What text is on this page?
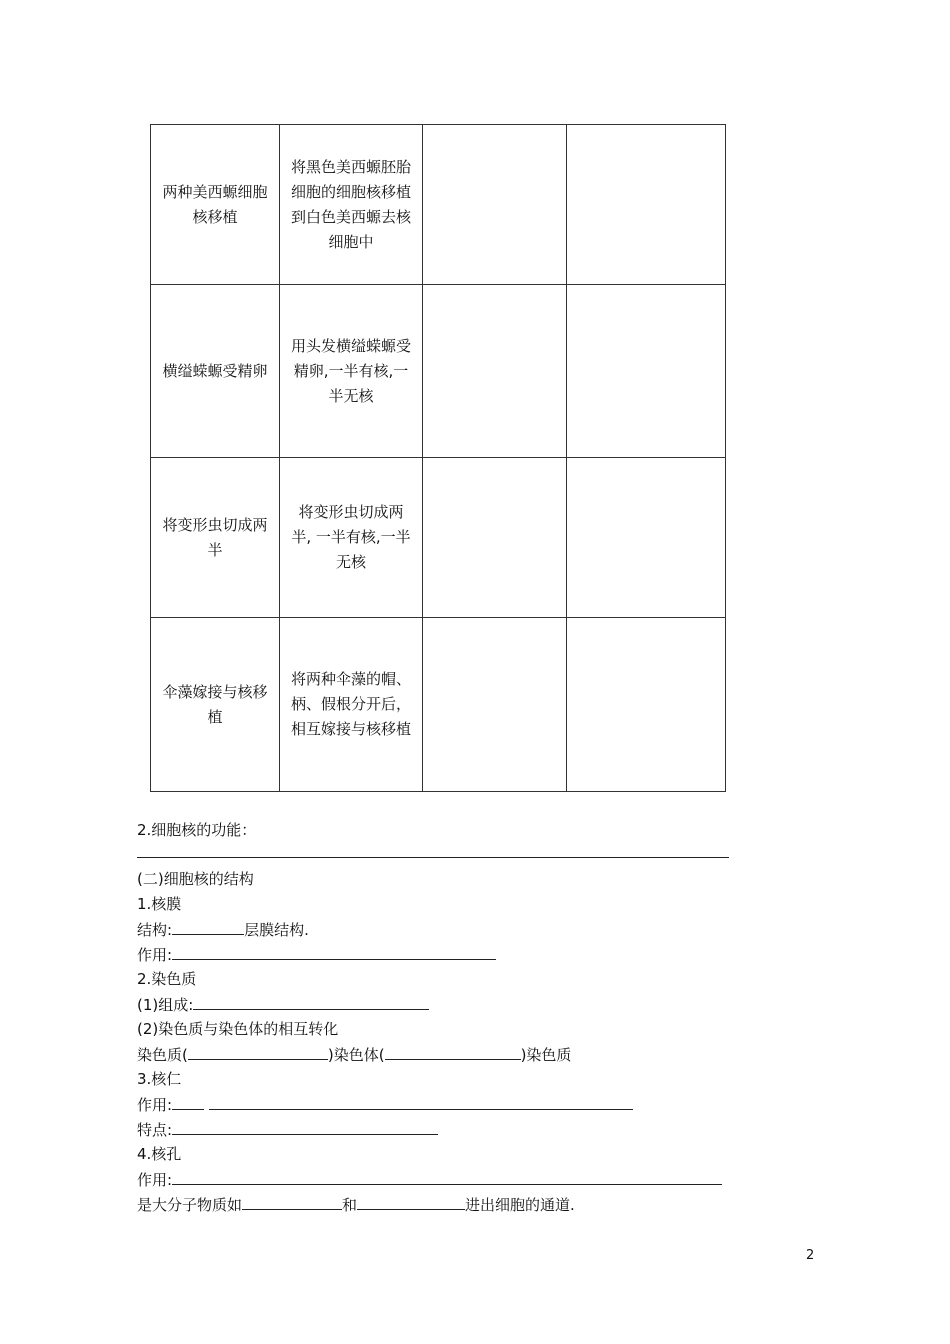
两种美西螈细胞核移植	将黑色美西螈胚胎细胞的细胞核移植到白色美西螈去核细胞中		
横缢蝾螈受精卵	用头发横缢蝾螈受精卵,一半有核,一半无核		
将变形虫切成两半	将变形虫切成两半, 一半有核,一半无核		
伞藻嫁接与核移植	将两种伞藻的帽、柄、假根分开后，相互嫁接与核移植		
2.细胞核的功能：
(二)细胞核的结构
1.核膜
结构:	层膜结构.
作用:
2.染色质
(1)组成:
(2)染色质与染色体的相互转化
染色质(	)染色体(	)染色质
3.核仁
作用:
特点:
4.核孔
作用:
是大分子物质如	和	进出细胞的通道.
2
